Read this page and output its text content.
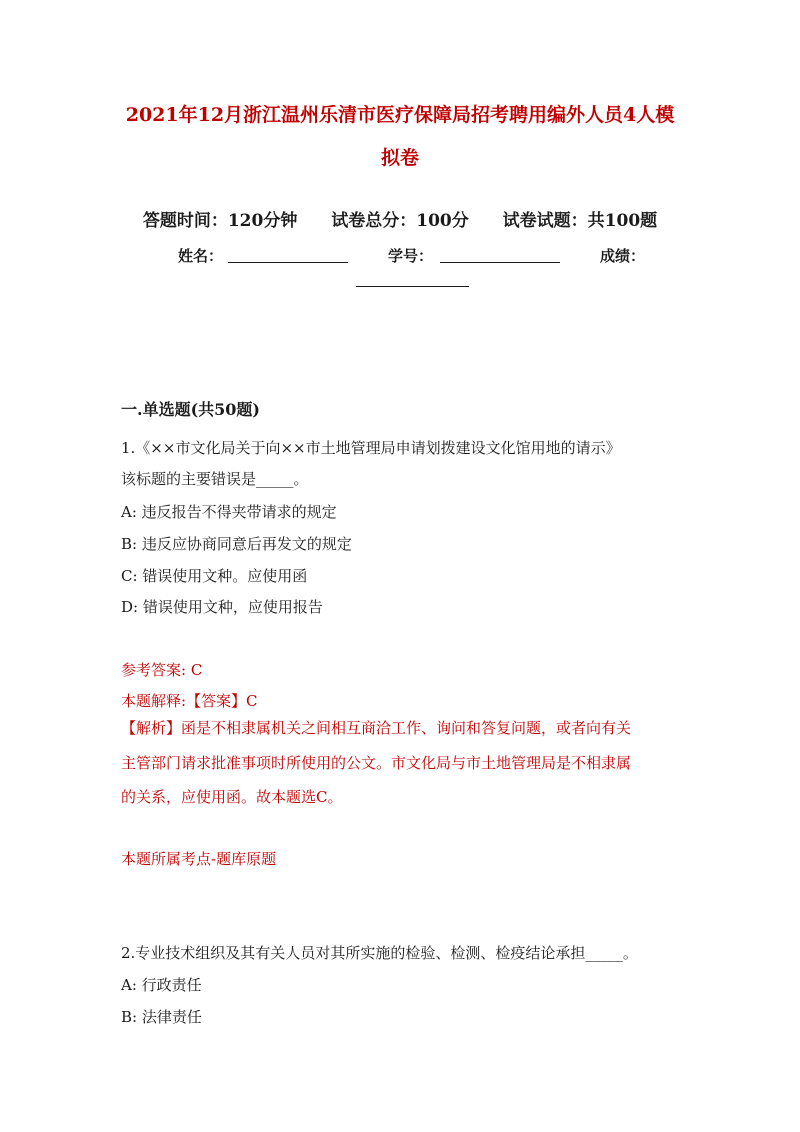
2021年12月浙江温州乐清市医疗保障局招考聘用编外人员4人模
拟卷
答题时间：120分钟 试卷总分：100分 试卷试题：共100题
姓名：	学号：	成绩：
一.单选题(共50题)
1.《××市文化局关于向××市土地管理局申请划拨建设文化馆用地的请示》
该标题的主要错误是_____。
A: 违反报告不得夹带请求的规定
B: 违反应协商同意后再发文的规定
C: 错误使用文种。应使用函
D: 错误使用文种，应使用报告
参考答案: C
本题解释:【答案】C
【解析】函是不相隶属机关之间相互商洽工作、询问和答复问题，或者向有关
主管部门请求批准事项时所使用的公文。市文化局与市土地管理局是不相隶属
的关系，应使用函。故本题选C。
本题所属考点-题库原题
2.专业技术组织及其有关人员对其所实施的检验、检测、检疫结论承担_____。
A: 行政责任
B: 法律责任
